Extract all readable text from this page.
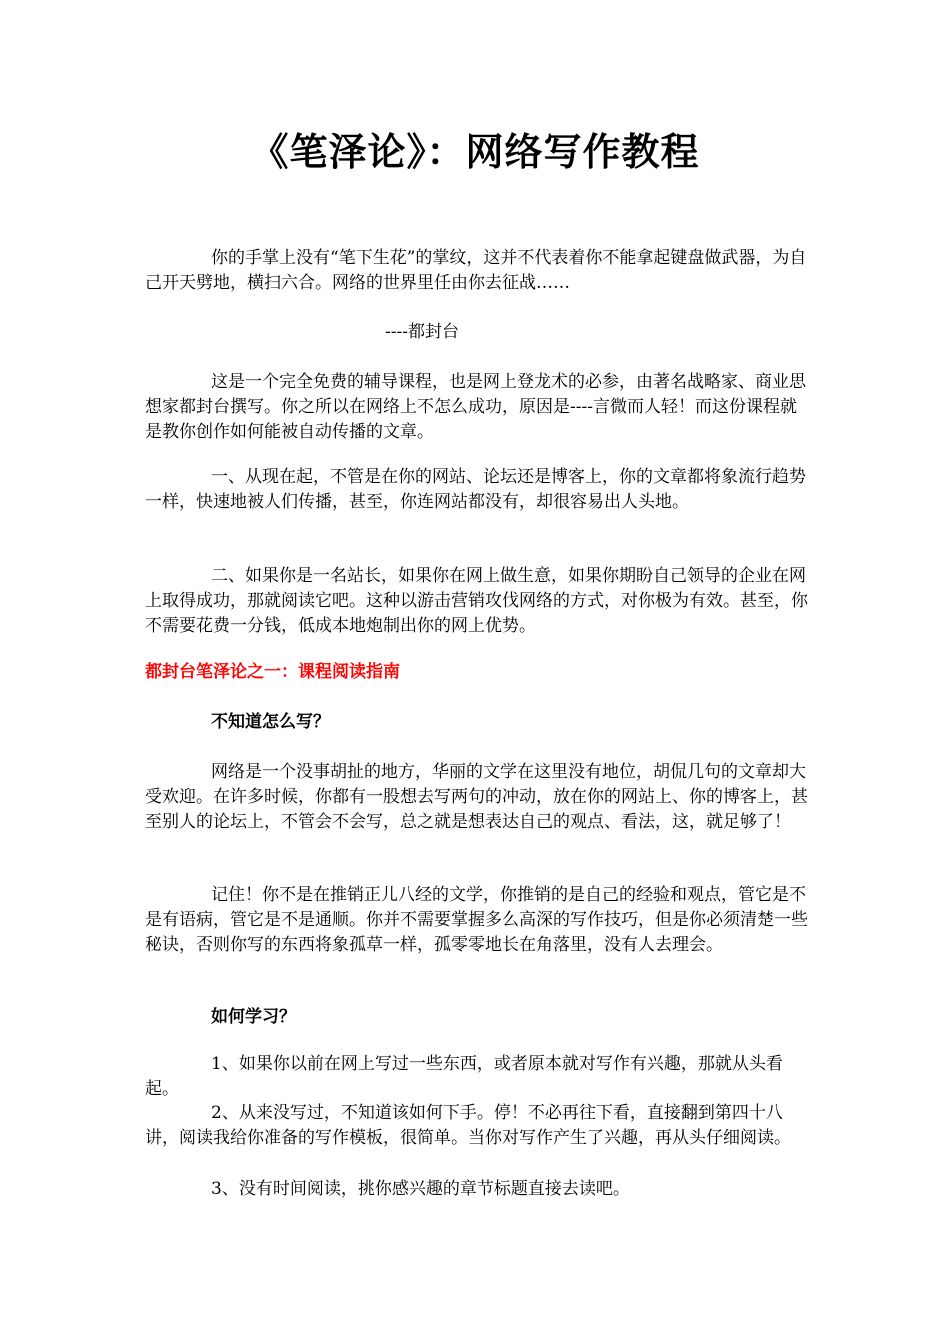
《笔泽论》：网络写作教程

你的手掌上没有“笔下生花”的掌纹，这并不代表着你不能拿起键盘做武器，为自己开天劈地，横扫六合。网络的世界里任由你去征战……

----都封台

这是一个完全免费的辅导课程，也是网上登龙术的必参，由著名战略家、商业思想家都封台撰写。你之所以在网络上不怎么成功，原因是----言微而人轻！而这份课程就是教你创作如何能被自动传播的文章。

一、从现在起，不管是在你的网站、论坛还是博客上，你的文章都将象流行趋势一样，快速地被人们传播，甚至，你连网站都没有，却很容易出人头地。

二、如果你是一名站长，如果你在网上做生意，如果你期盼自己领导的企业在网上取得成功，那就阅读它吧。这种以游击营销攻伐网络的方式，对你极为有效。甚至，你不需要花费一分钱，低成本地炮制出你的网上优势。

都封台笔泽论之一：课程阅读指南
不知道怎么写？

网络是一个没事胡扯的地方，华丽的文学在这里没有地位，胡侃几句的文章却大受欢迎。在许多时候，你都有一股想去写两句的冲动，放在你的网站上、你的博客上，甚至别人的论坛上，不管会不会写，总之就是想表达自己的观点、看法，这，就足够了！

记住！你不是在推销正儿八经的文学，你推销的是自己的经验和观点，管它是不是有语病，管它是不是通顺。你并不需要掌握多么高深的写作技巧，但是你必须清楚一些秘诀，否则你写的东西将象孤草一样，孤零零地长在角落里，没有人去理会。

如何学习？

1、如果你以前在网上写过一些东西，或者原本就对写作有兴趣，那就从头看起。

2、从来没写过，不知道该如何下手。停！不必再往下看，直接翻到第四十八讲，阅读我给你准备的写作模板，很简单。当你对写作产生了兴趣，再从头仔细阅读。

3、没有时间阅读，挑你感兴趣的章节标题直接去读吧。
